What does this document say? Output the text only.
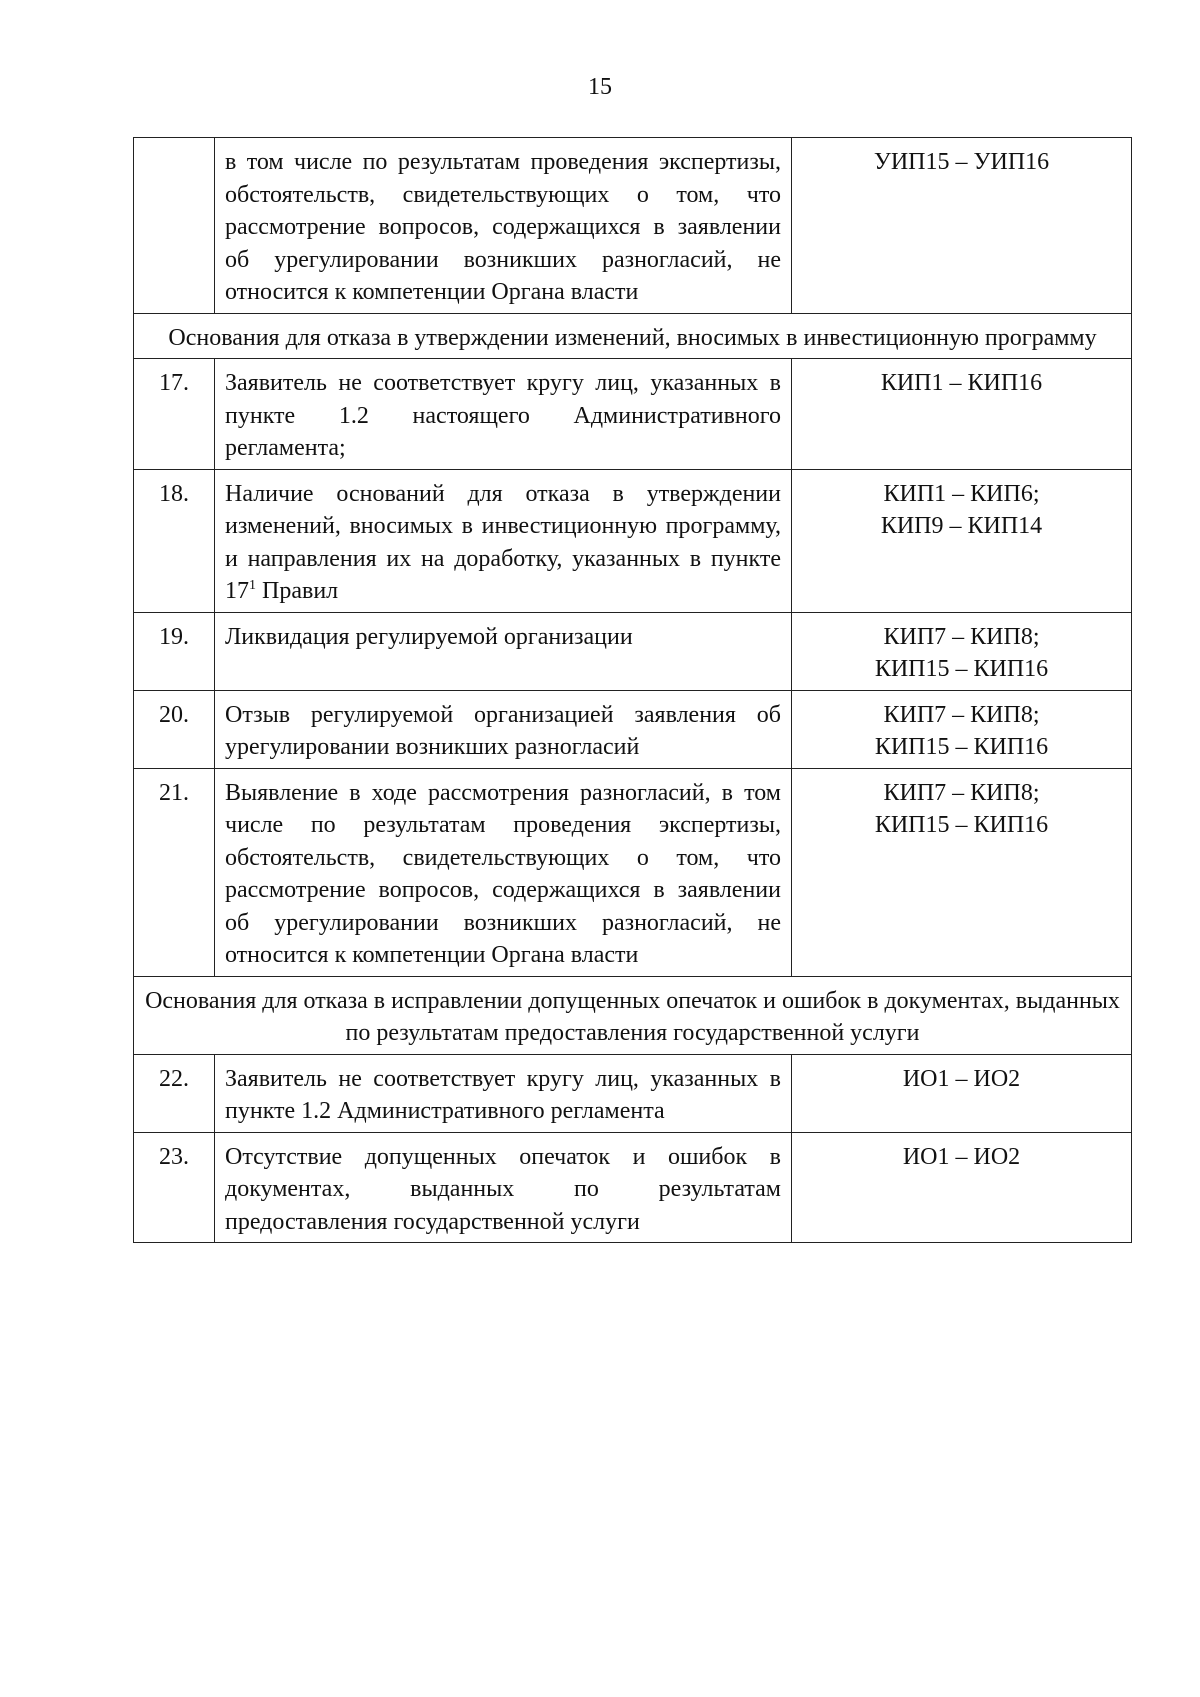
15
	в том числе по результатам проведения экспертизы, обстоятельств, свидетельствующих о том, что рассмотрение вопросов, содержащихся в заявлении об урегулировании возникших разногласий, не относится к компетенции Органа власти	УИП15 – УИП16

Основания для отказа в утверждении изменений, вносимых в инвестиционную программу		
17.	Заявитель не соответствует кругу лиц, указанных в пункте 1.2 настоящего Административного регламента;	КИП1 – КИП16

18.	Наличие оснований для отказа в утверждении изменений, вносимых в инвестиционную программу, и направления их на доработку, указанных в пункте $17^1$ Правил	КИП1 – КИП6;
КИП9 – КИП14

19.	Ликвидация регулируемой организации	КИП7 – КИП8;
КИП15 – КИП16

20.	Отзыв регулируемой организацией заявления об урегулировании возникших разногласий	КИП7 – КИП8;
КИП15 – КИП16

21.	Выявление в ходе рассмотрения разногласий, в том числе по результатам проведения экспертизы, обстоятельств, свидетельствующих о том, что рассмотрение вопросов, содержащихся в заявлении об урегулировании возникших разногласий, не относится к компетенции Органа власти	КИП7 – КИП8;
КИП15 – КИП16

Основания для отказа в исправлении допущенных опечаток и ошибок в документах, выданных по результатам предоставления государственной услуги		
22.	Заявитель не соответствует кругу лиц, указанных в пункте 1.2 Административного регламента	ИО1 – ИО2

23.	Отсутствие допущенных опечаток и ошибок в документах, выданных по результатам предоставления государственной услуги	ИО1 – ИО2
